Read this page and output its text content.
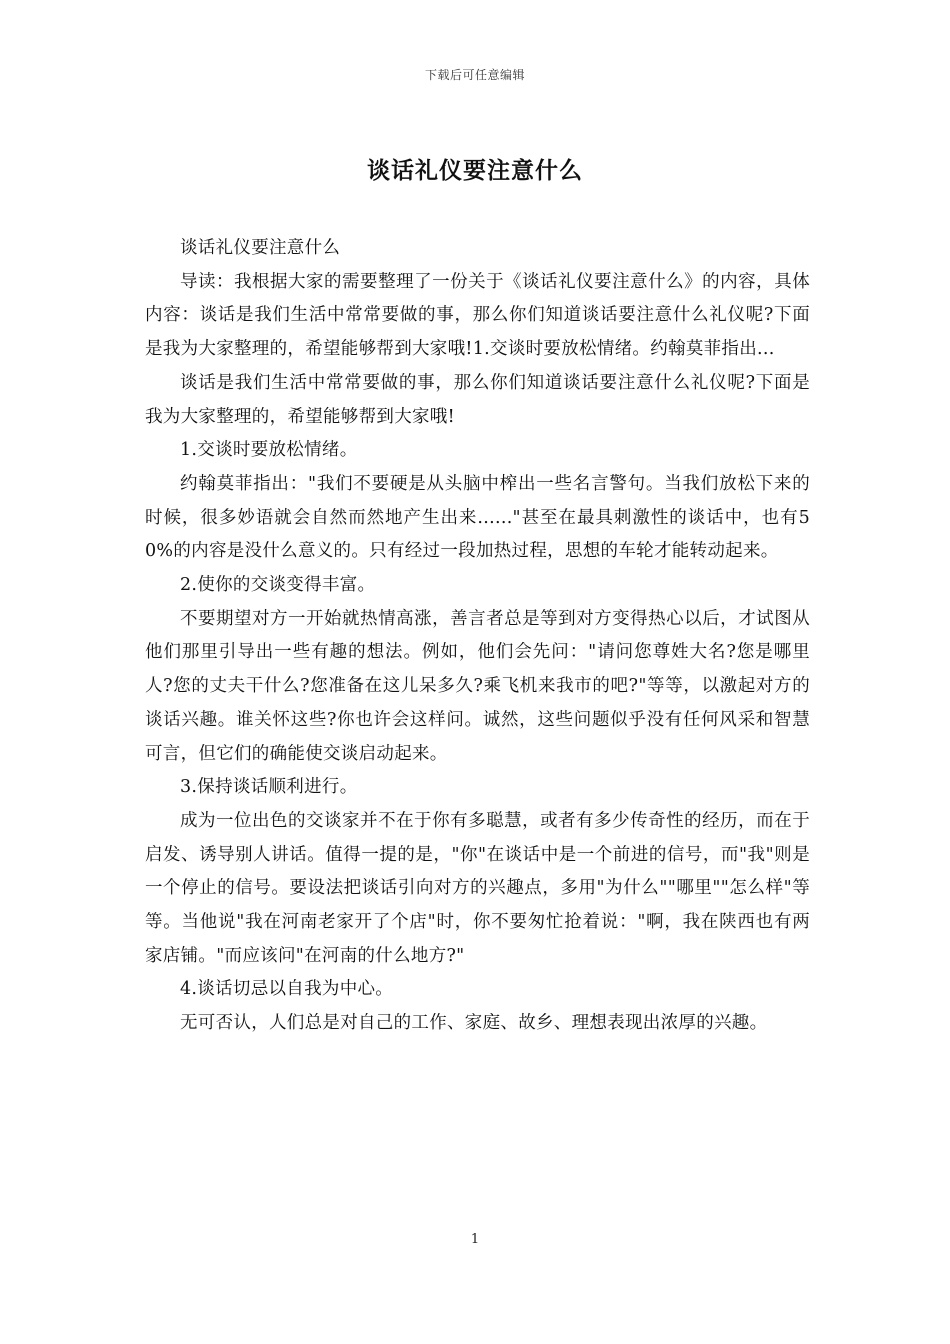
下载后可任意编辑
谈话礼仪要注意什么

谈话礼仪要注意什么

导读：我根据大家的需要整理了一份关于《谈话礼仪要注意什么》的内容，具体内容：谈话是我们生活中常常要做的事，那么你们知道谈话要注意什么礼仪呢?下面是我为大家整理的，希望能够帮到大家哦!1.交谈时要放松情绪。约翰莫菲指出...

谈话是我们生活中常常要做的事，那么你们知道谈话要注意什么礼仪呢?下面是我为大家整理的，希望能够帮到大家哦!

1.交谈时要放松情绪。

约翰莫菲指出："我们不要硬是从头脑中榨出一些名言警句。当我们放松下来的时候，很多妙语就会自然而然地产生出来......"甚至在最具刺激性的谈话中，也有50%的内容是没什么意义的。只有经过一段加热过程，思想的车轮才能转动起来。

2.使你的交谈变得丰富。

不要期望对方一开始就热情高涨，善言者总是等到对方变得热心以后，才试图从他们那里引导出一些有趣的想法。例如，他们会先问："请问您尊姓大名?您是哪里人?您的丈夫干什么?您准备在这儿呆多久?乘飞机来我市的吧?"等等，以激起对方的谈话兴趣。谁关怀这些?你也许会这样问。诚然，这些问题似乎没有任何风采和智慧可言，但它们的确能使交谈启动起来。

3.保持谈话顺利进行。

成为一位出色的交谈家并不在于你有多聪慧，或者有多少传奇性的经历，而在于启发、诱导别人讲话。值得一提的是，"你"在谈话中是一个前进的信号，而"我"则是一个停止的信号。要设法把谈话引向对方的兴趣点，多用"为什么""哪里""怎么样"等等。当他说"我在河南老家开了个店"时，你不要匆忙抢着说："啊，我在陕西也有两家店铺。"而应该问"在河南的什么地方?"

4.谈话切忌以自我为中心。

无可否认，人们总是对自己的工作、家庭、故乡、理想表现出浓厚的兴趣。

1
